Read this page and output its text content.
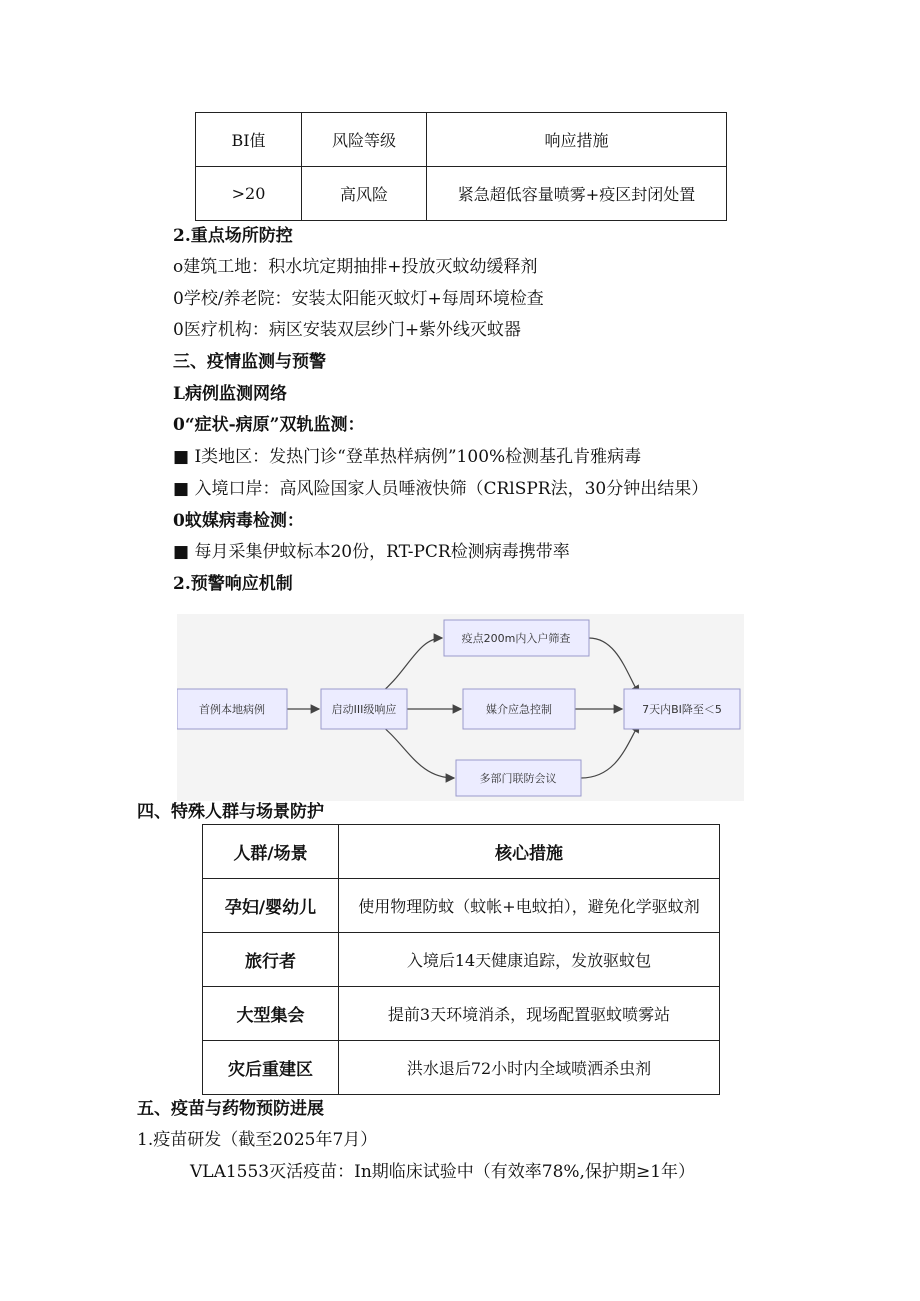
BI值	风险等级	响应措施
>20	高风险	紧急超低容量喷雾+疫区封闭处置
2.重点场所防控
o建筑工地：积水坑定期抽排+投放灭蚊幼缓释剂
0学校/养老院：安装太阳能灭蚊灯+每周环境检查
0医疗机构：病区安装双层纱门+紫外线灭蚊器
三、疫情监测与预警
L病例监测网络
0“症状-病原”双轨监测：
■ I类地区：发热门诊“登革热样病例”100%检测基孔肯雅病毒
■ 入境口岸：高风险国家人员唾液快筛（CRlSPR法，30分钟出结果）
0蚊媒病毒检测：
■ 每月采集伊蚊标本20份，RT-PCR检测病毒携带率
2.预警响应机制
首例本地病例	启动III级响应
疫点200m内入户筛查
媒介应急控制
多部门联防会议
7天内BI降至＜5
四、特殊人群与场景防护
人群/场景	核心措施
孕妇/婴幼儿	使用物理防蚊（蚊帐+电蚊拍），避免化学驱蚊剂
旅行者	入境后14天健康追踪，发放驱蚊包
大型集会	提前3天环境消杀，现场配置驱蚊喷雾站
灾后重建区	洪水退后72小时内全域喷洒杀虫剂
五、疫苗与药物预防进展
1.疫苗研发（截至2025年7月）
VLA1553灭活疫苗：In期临床试验中（有效率78%,保护期≥1年）
